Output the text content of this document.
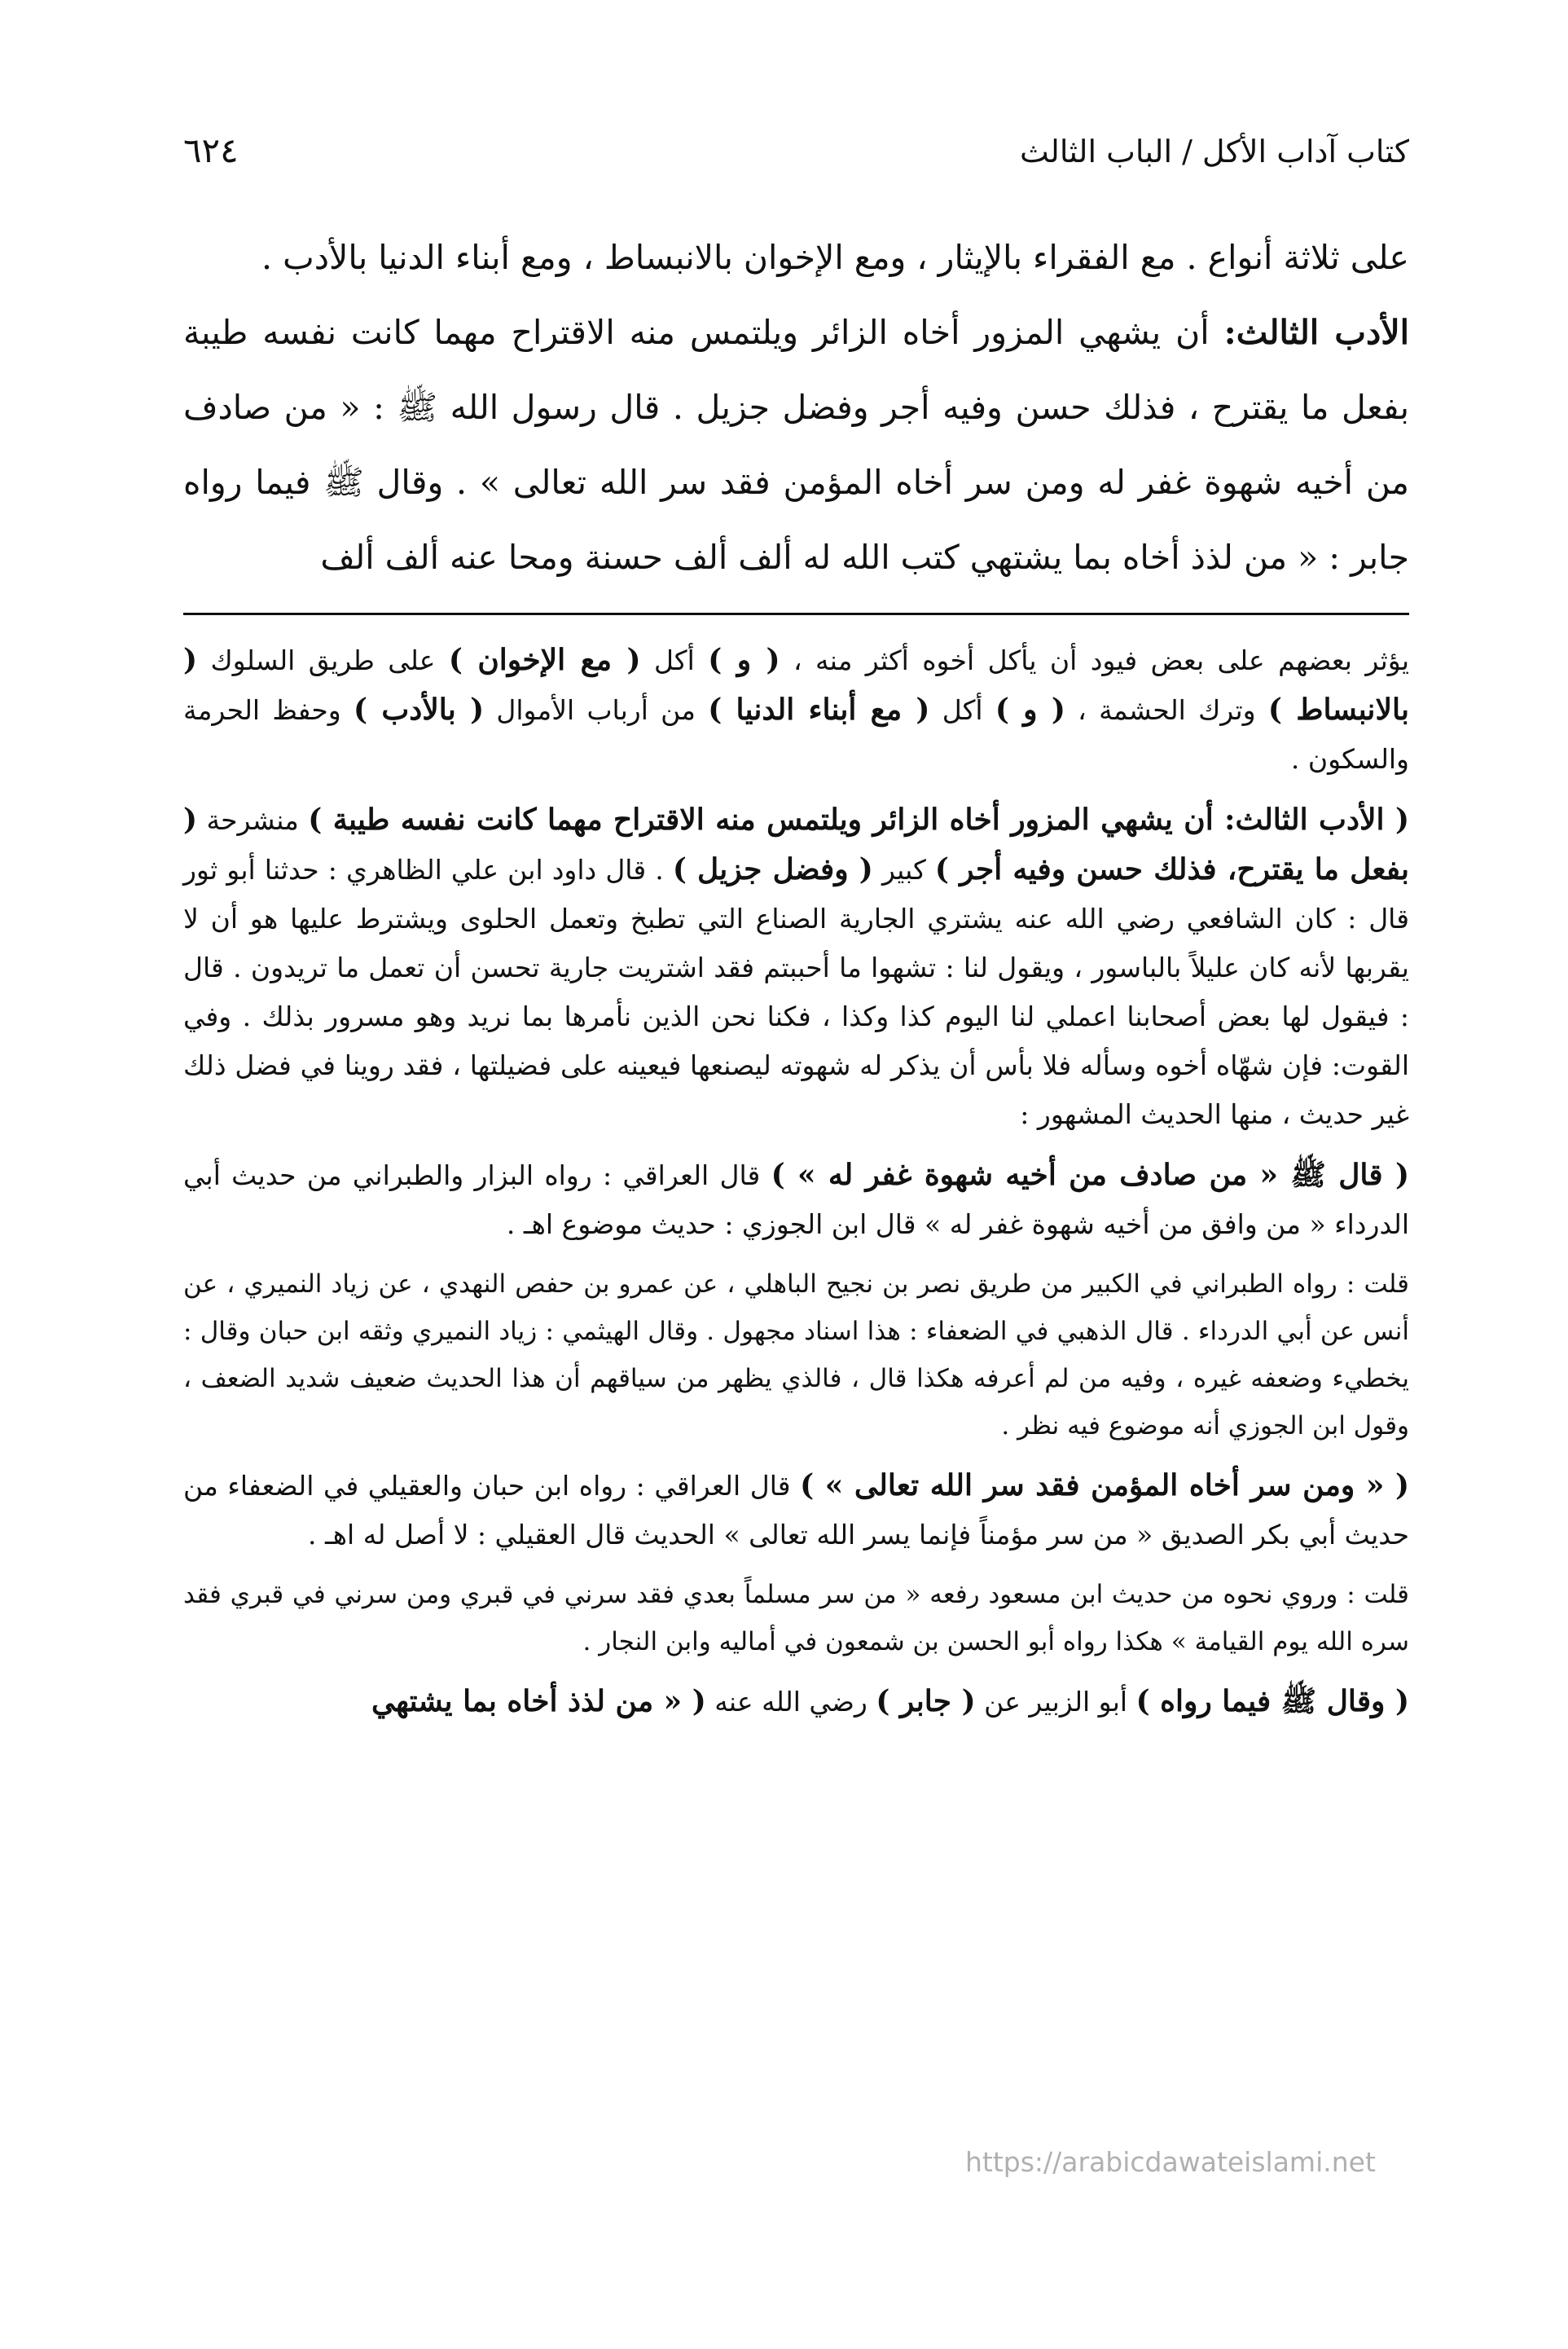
كتاب آداب الأكل / الباب الثالث
٦٢٤

على ثلاثة أنواع . مع الفقراء بالإيثار ، ومع الإخوان بالانبساط ، ومع أبناء الدنيا بالأدب .

الأدب الثالث: أن يشهي المزور أخاه الزائر ويلتمس منه الاقتراح مهما كانت نفسه طيبة بفعل ما يقترح ، فذلك حسن وفيه أجر وفضل جزيل . قال رسول الله ﷺ : « من صادف من أخيه شهوة غفر له ومن سر أخاه المؤمن فقد سر الله تعالى » . وقال ﷺ فيما رواه جابر : « من لذذ أخاه بما يشتهي كتب الله له ألف ألف حسنة ومحا عنه ألف ألف

يؤثر بعضهم على بعض فيود أن يأكل أخوه أكثر منه ، ( و ) أكل ( مع الإخوان ) على طريق السلوك ( بالانبساط ) وترك الحشمة ، ( و ) أكل ( مع أبناء الدنيا ) من أرباب الأموال ( بالأدب ) وحفظ الحرمة والسكون .

( الأدب الثالث: أن يشهي المزور أخاه الزائر ويلتمس منه الاقتراح مهما كانت نفسه طيبة ) منشرحة ( بفعل ما يقترح، فذلك حسن وفيه أجر ) كبير ( وفضل جزيل ) . قال داود ابن علي الظاهري : حدثنا أبو ثور قال : كان الشافعي رضي الله عنه يشتري الجارية الصناع التي تطبخ وتعمل الحلوى ويشترط عليها هو أن لا يقربها لأنه كان عليلاً بالباسور ، ويقول لنا : تشهوا ما أحببتم فقد اشتريت جارية تحسن أن تعمل ما تريدون . قال : فيقول لها بعض أصحابنا اعملي لنا اليوم كذا وكذا ، فكنا نحن الذين نأمرها بما نريد وهو مسرور بذلك . وفي القوت: فإن شهّاه أخوه وسأله فلا بأس أن يذكر له شهوته ليصنعها فيعينه على فضيلتها ، فقد روينا في فضل ذلك غير حديث ، منها الحديث المشهور :

( قال ﷺ « من صادف من أخيه شهوة غفر له » ) قال العراقي : رواه البزار والطبراني من حديث أبي الدرداء « من وافق من أخيه شهوة غفر له » قال ابن الجوزي : حديث موضوع اهـ .

قلت : رواه الطبراني في الكبير من طريق نصر بن نجيح الباهلي ، عن عمرو بن حفص النهدي ، عن زياد النميري ، عن أنس عن أبي الدرداء . قال الذهبي في الضعفاء : هذا اسناد مجهول . وقال الهيثمي : زياد النميري وثقه ابن حبان وقال : يخطيء وضعفه غيره ، وفيه من لم أعرفه هكذا قال ، فالذي يظهر من سياقهم أن هذا الحديث ضعيف شديد الضعف ، وقول ابن الجوزي أنه موضوع فيه نظر .

( « ومن سر أخاه المؤمن فقد سر الله تعالى » ) قال العراقي : رواه ابن حبان والعقيلي في الضعفاء من حديث أبي بكر الصديق « من سر مؤمناً فإنما يسر الله تعالى » الحديث قال العقيلي : لا أصل له اهـ .

قلت : وروي نحوه من حديث ابن مسعود رفعه « من سر مسلماً بعدي فقد سرني في قبري ومن سرني في قبري فقد سره الله يوم القيامة » هكذا رواه أبو الحسن بن شمعون في أماليه وابن النجار .

( وقال ﷺ فيما رواه ) أبو الزبير عن ( جابر ) رضي الله عنه ( « من لذذ أخاه بما يشتهي

https://arabicdawateislami.net
